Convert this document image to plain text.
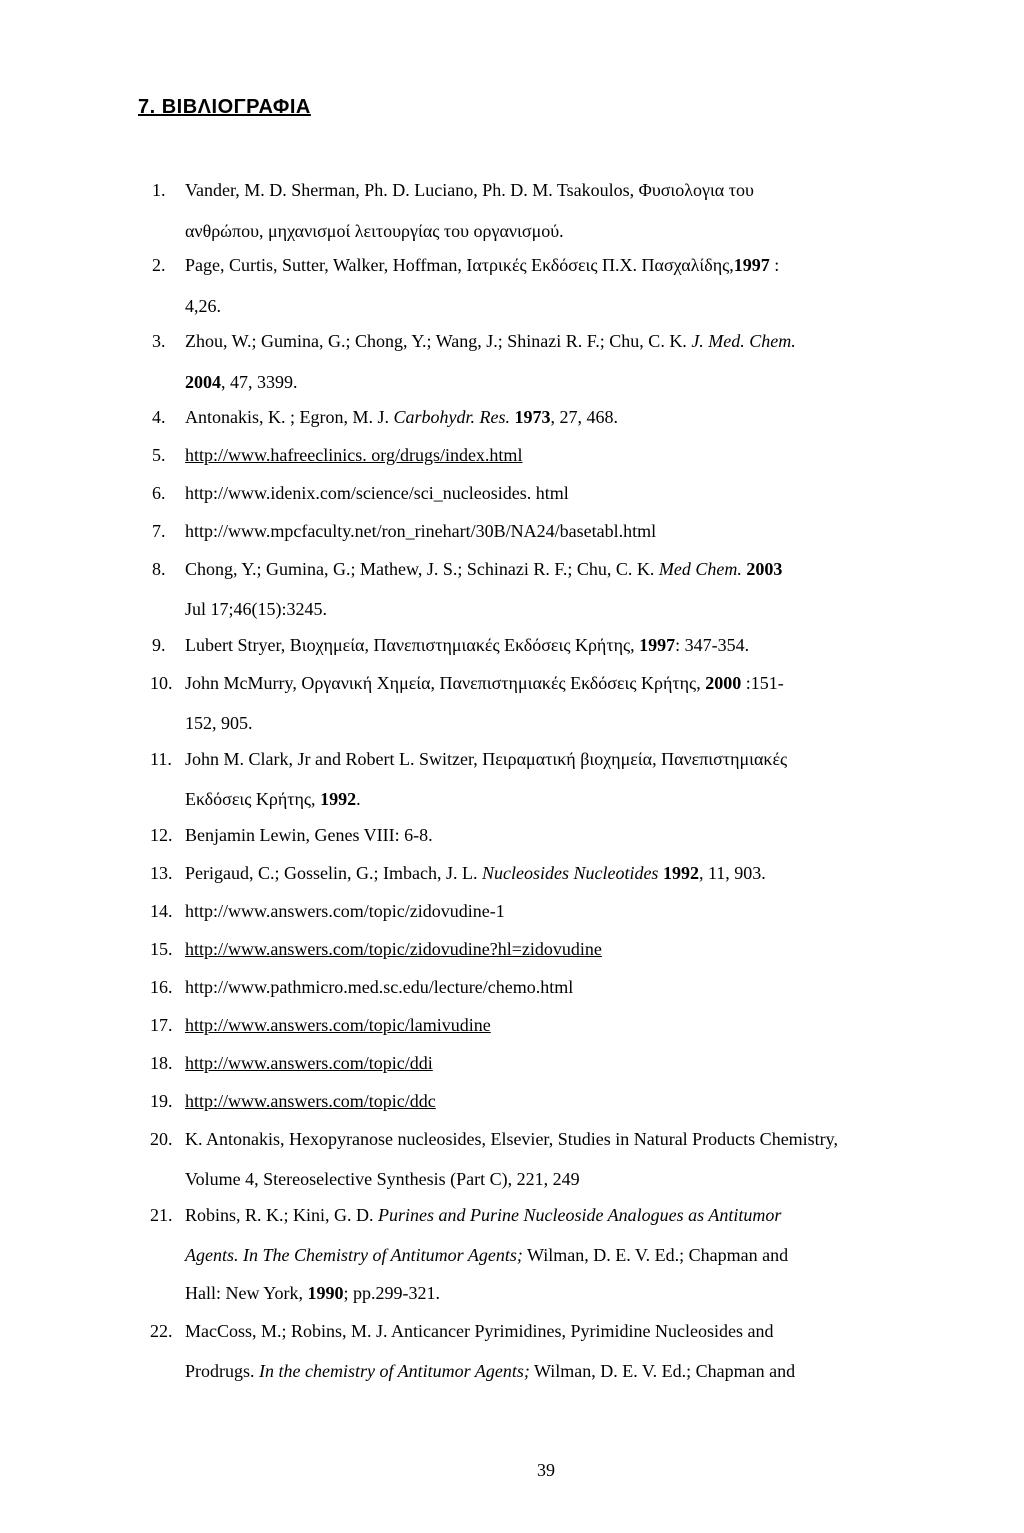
7. ΒΙΒΛΙΟΓΡΑΦΙΑ
1. Vander, M. D. Sherman, Ph. D. Luciano, Ph. D. M. Tsakoulos, Φυσιολογια του
ανθρώπου, μηχανισμοί λειτουργίας του οργανισμού.
2. Page, Curtis, Sutter, Walker, Hoffman, Ιατρικές Εκδόσεις Π.Χ. Πασχαλίδης,1997 :
4,26.
3. Zhou, W.; Gumina, G.; Chong, Y.; Wang, J.; Shinazi R. F.; Chu, C. K. J. Med. Chem.
2004, 47, 3399.
4. Antonakis, K. ; Egron, M. J. Carbohydr. Res. 1973, 27, 468.
5. http://www.hafreeclinics. org/drugs/index.html
6. http://www.idenix.com/science/sci_nucleosides. html
7. http://www.mpcfaculty.net/ron_rinehart/30B/NA24/basetabl.html
8. Chong, Y.; Gumina, G.; Mathew, J. S.; Schinazi R. F.; Chu, C. K. Med Chem. 2003
Jul 17;46(15):3245.
9. Lubert Stryer, Βιοχημεία, Πανεπιστημιακές Εκδόσεις Κρήτης, 1997: 347-354.
10. John McMurry, Οργανική Χημεία, Πανεπιστημιακές Εκδόσεις Κρήτης, 2000 :151-
152, 905.
11. John M. Clark, Jr and Robert L. Switzer, Πειραματική βιοχημεία, Πανεπιστημιακές
Εκδόσεις Κρήτης, 1992.
12. Benjamin Lewin, Genes VIII: 6-8.
13. Perigaud, C.; Gosselin, G.; Imbach, J. L. Nucleosides Nucleotides 1992, 11, 903.
14. http://www.answers.com/topic/zidovudine-1
15. http://www.answers.com/topic/zidovudine?hl=zidovudine
16. http://www.pathmicro.med.sc.edu/lecture/chemo.html
17. http://www.answers.com/topic/lamivudine
18. http://www.answers.com/topic/ddi
19. http://www.answers.com/topic/ddc
20. K. Antonakis, Hexopyranose nucleosides, Elsevier, Studies in Natural Products Chemistry,
Volume 4, Stereoselective Synthesis (Part C), 221, 249
21. Robins, R. K.; Kini, G. D. Purines and Purine Nucleoside Analogues as Antitumor
Agents. In The Chemistry of Antitumor Agents; Wilman, D. E. V. Ed.; Chapman and
Hall: New York, 1990; pp.299-321.
22. MacCoss, M.; Robins, M. J. Anticancer Pyrimidines, Pyrimidine Nucleosides and
Prodrugs. In the chemistry of Antitumor Agents; Wilman, D. E. V. Ed.; Chapman and
39
